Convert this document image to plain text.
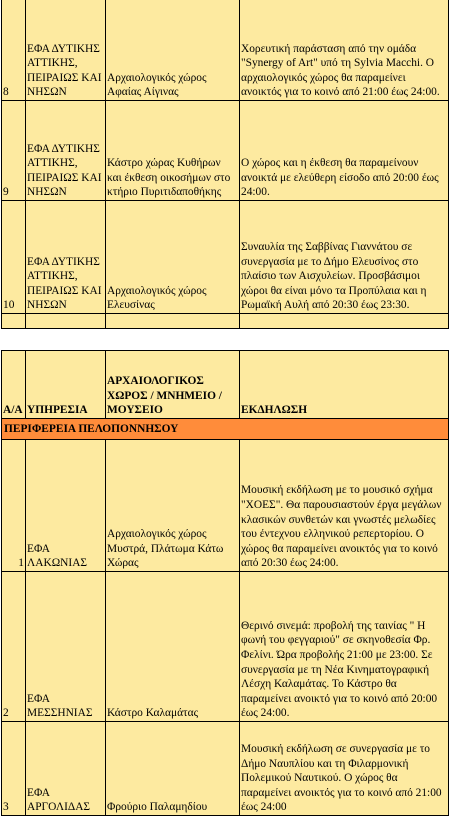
8	ΕΦΑ ΔΥΤΙΚΗΣ ΑΤΤΙΚΗΣ, ΠΕΙΡΑΙΩΣ ΚΑΙ ΝΗΣΩΝ	Αρχαιολογικός χώρος Αφαίας Αίγινας	Χορευτική παράσταση από την ομάδα "Synergy of Art" υπό τη Sylvia Macchi. Ο αρχαιολογικός χώρος θα παραμείνει ανοικτός για το κοινό από 21:00 έως 24:00.
9	ΕΦΑ ΔΥΤΙΚΗΣ ΑΤΤΙΚΗΣ, ΠΕΙΡΑΙΩΣ ΚΑΙ ΝΗΣΩΝ	Κάστρο χώρας Κυθήρων και έκθεση οικοσήμων στο κτήριο Πυριτιδαποθήκης	Ο χώρος και η έκθεση θα παραμείνουν ανοικτά με ελεύθερη είσοδο από 20:00 έως 24:00.
10	ΕΦΑ ΔΥΤΙΚΗΣ ΑΤΤΙΚΗΣ, ΠΕΙΡΑΙΩΣ ΚΑΙ ΝΗΣΩΝ	Αρχαιολογικός χώρος Ελευσίνας	Συναυλία της Σαββίνας Γιαννάτου σε συνεργασία με το Δήμο Ελευσίνος στο πλαίσιο των Αισχυλείων. Προσβάσιμοι χώροι θα είναι μόνο τα Προπύλαια και η Ρωμαϊκή Αυλή από 20:30 έως 23:30.

Α/Α	ΥΠΗΡΕΣΙΑ	ΑΡΧΑΙΟΛΟΓΙΚΟΣ ΧΩΡΟΣ / ΜΝΗΜΕΙΟ / ΜΟΥΣΕΙΟ	ΕΚΔΗΛΩΣΗ
ΠΕΡΙΦΕΡΕΙΑ ΠΕΛΟΠΟΝΝΗΣΟΥ			
1	ΕΦΑ ΛΑΚΩΝΙΑΣ	Αρχαιολογικός χώρος Μυστρά, Πλάτωμα Κάτω Χώρας	Μουσική εκδήλωση με το μουσικό σχήμα "ΧΟΕΣ". Θα παρουσιαστούν έργα μεγάλων κλασικών συνθετών και γνωστές μελωδίες του έντεχνου ελληνικού ρεπερτορίου. Ο χώρος θα παραμείνει ανοικτός για το κοινό από 20:30 έως 24:00.
2	ΕΦΑ ΜΕΣΣΗΝΙΑΣ	Κάστρο Καλαμάτας	Θερινό σινεμά: προβολή της ταινίας " Η φωνή του φεγγαριού" σε σκηνοθεσία Φρ. Φελίνι. Ώρα προβολής 21:00 με 23:00. Σε συνεργασία με τη Νέα Κινηματογραφική Λέσχη Καλαμάτας. Το Κάστρο θα παραμείνει ανοικτό για το κοινό από 20:00 έως 24:00.
3	ΕΦΑ ΑΡΓΟΛΙΔΑΣ	Φρούριο Παλαμηδίου	Μουσική εκδήλωση σε συνεργασία με το Δήμο Ναυπλίου και τη Φιλαρμονική Πολεμικού Ναυτικού. Ο χώρος θα παραμείνει ανοικτός για το κοινό από 21:00 έως 24:00
